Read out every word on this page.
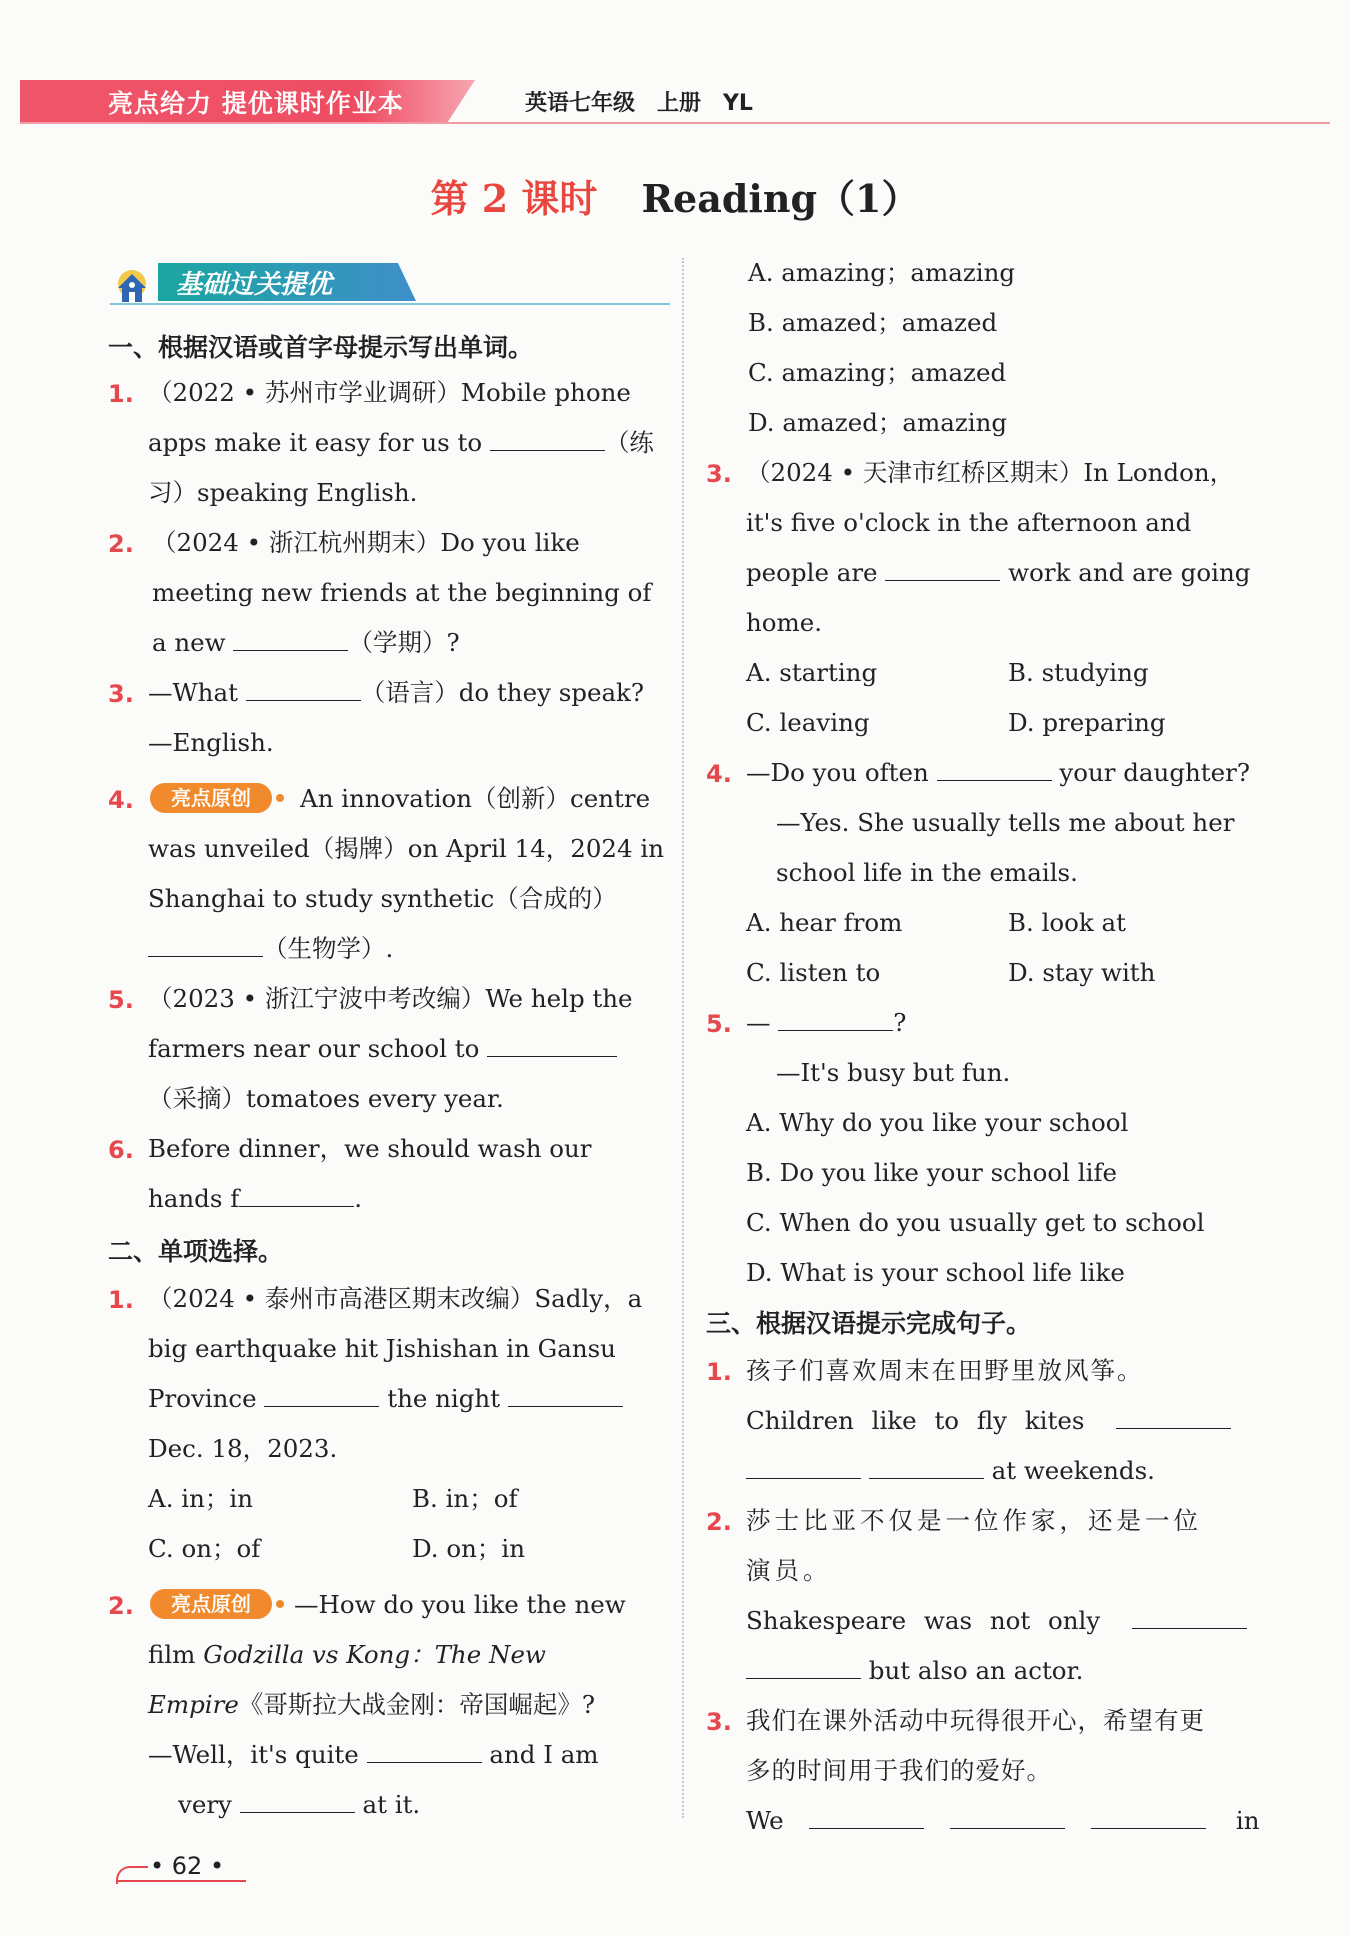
亮点给力 提优课时作业本	英语七年级　上册　YL
第 2 课时 Reading（1）
基础过关提优
一、根据汉语或首字母提示写出单词。
1. （2022 • 苏州市学业调研）Mobile phone
apps make it easy for us to	（练
习）speaking English.
2. （2024 • 浙江杭州期末）Do you like
meeting new friends at the beginning of
a new	（学期）?
3. —What	（语言）do they speak?
—English.
4.	亮点原创	An innovation（创新）centre
was unveiled（揭牌）on April 14，2024 in
Shanghai to study synthetic（合成的）
（生物学）.
5. （2023 • 浙江宁波中考改编）We help the
farmers near our school to
（采摘）tomatoes every year.
6. Before dinner，we should wash our
hands f	.
二、单项选择。
1. （2024 • 泰州市高港区期末改编）Sadly，a
big earthquake hit Jishishan in Gansu
Province	the night
Dec. 18，2023.
A. in；in	B. in；of
C. on；of	D. on；in
2.	亮点原创	—How do you like the new
film Godzilla vs Kong：The New
Empire《哥斯拉大战金刚：帝国崛起》?
—Well，it's quite	and I am
very	at it.
A. amazing；amazing
B. amazed；amazed
C. amazing；amazed
D. amazed；amazing
3. （2024 • 天津市红桥区期末）In London，
it's five o'clock in the afternoon and
people are	work and are going
home.
A. starting	B. studying
C. leaving	D. preparing
4. —Do you often	your daughter?
—Yes. She usually tells me about her
school life in the emails.
A. hear from	B. look at
C. listen to	D. stay with
5. —	?
—It's busy but fun.
A. Why do you like your school
B. Do you like your school life
C. When do you usually get to school
D. What is your school life like
三、根据汉语提示完成句子。
1. 孩子们喜欢周末在田野里放风筝。
Children like to fly kites
at weekends.
2. 莎士比亚不仅是一位作家，还是一位
演员。
Shakespeare was not only
but also an actor.
3. 我们在课外活动中玩得很开心，希望有更
多的时间用于我们的爱好。
We	in
• 62 •
